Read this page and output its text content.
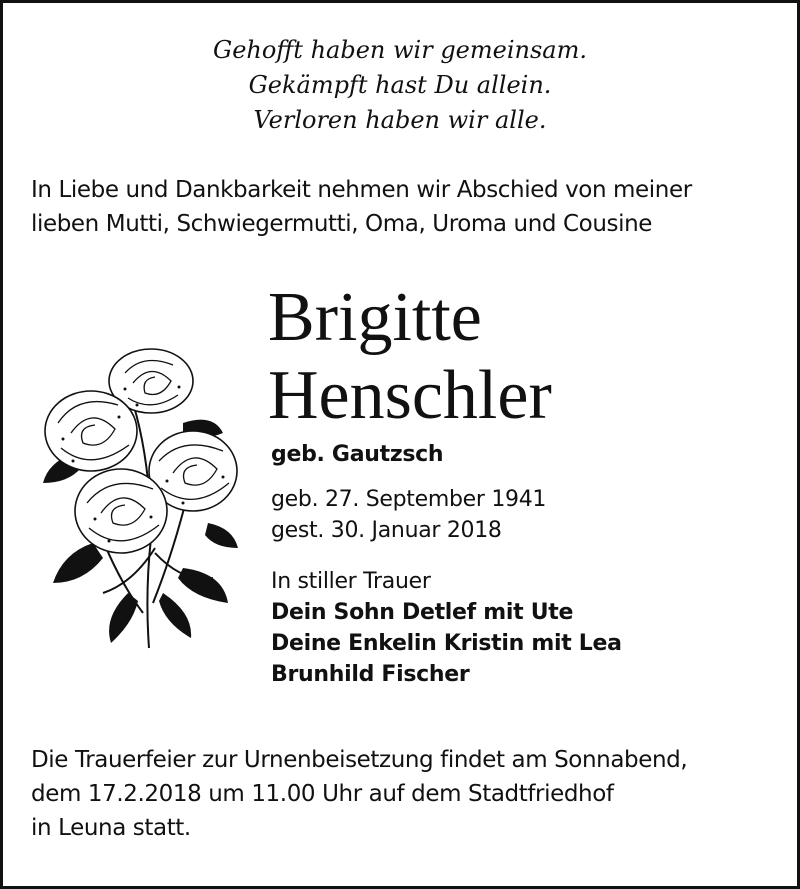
Gehofft haben wir gemeinsam.
Gekämpft hast Du allein.
Verloren haben wir alle.
In Liebe und Dankbarkeit nehmen wir Abschied von meiner
lieben Mutti, Schwiegermutti, Oma, Uroma und Cousine
Brigitte
Henschler
geb. Gautzsch
geb. 27. September 1941
gest. 30. Januar 2018
In stiller Trauer
Dein Sohn Detlef mit Ute
Deine Enkelin Kristin mit Lea
Brunhild Fischer
Die Trauerfeier zur Urnenbeisetzung findet am Sonnabend,
dem 17.2.2018 um 11.00 Uhr auf dem Stadtfriedhof
in Leuna statt.
